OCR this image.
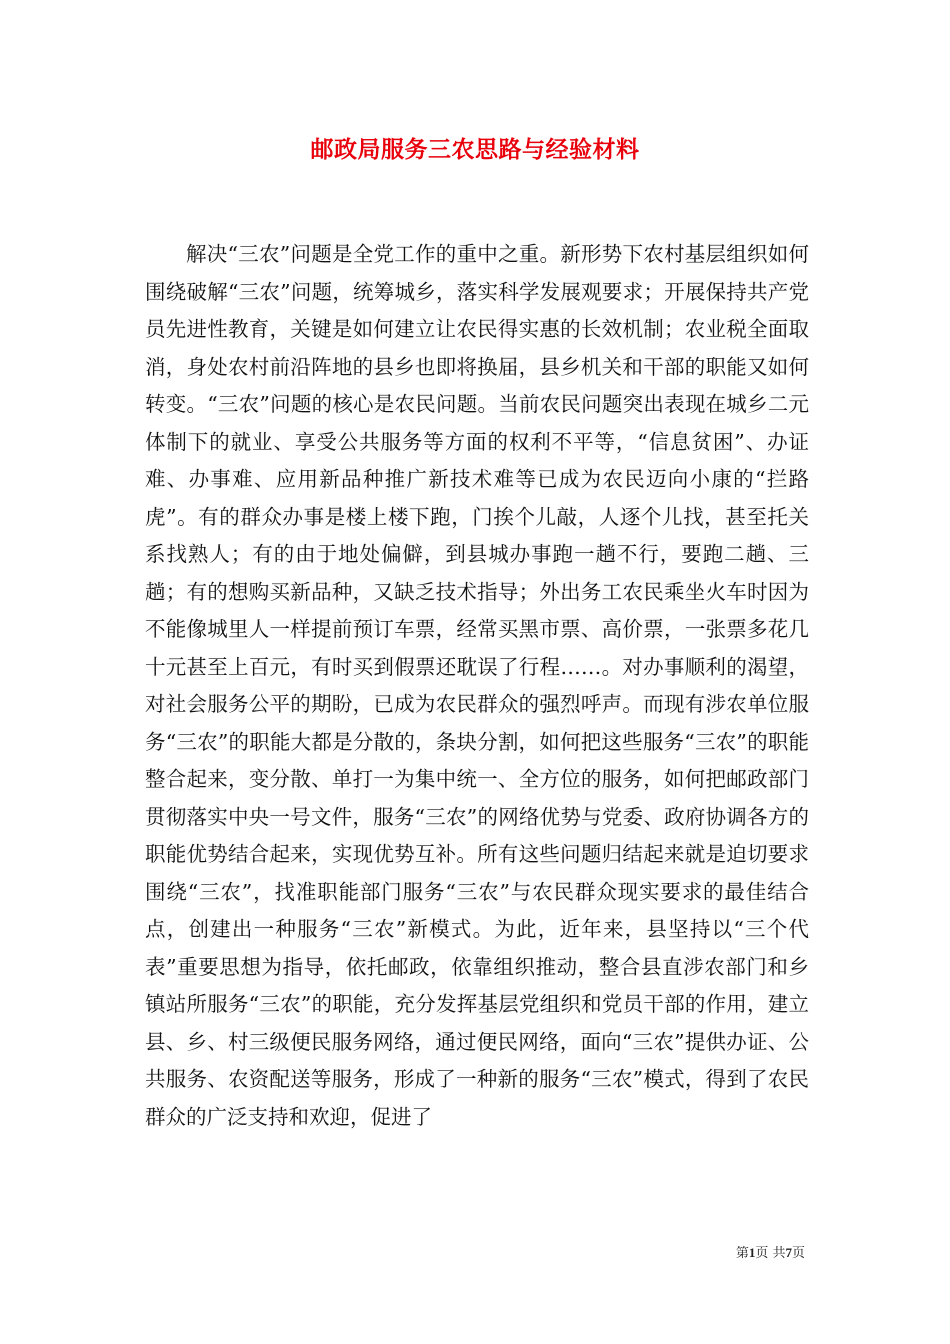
邮政局服务三农思路与经验材料

解决“三农”问题是全党工作的重中之重。新形势下农村基层组织如何围绕破解“三农”问题，统筹城乡，落实科学发展观要求；开展保持共产党员先进性教育，关键是如何建立让农民得实惠的长效机制；农业税全面取消，身处农村前沿阵地的县乡也即将换届，县乡机关和干部的职能又如何转变。“三农”问题的核心是农民问题。当前农民问题突出表现在城乡二元体制下的就业、享受公共服务等方面的权利不平等，“信息贫困”、办证难、办事难、应用新品种推广新技术难等已成为农民迈向小康的“拦路虎”。有的群众办事是楼上楼下跑，门挨个儿敲，人逐个儿找，甚至托关系找熟人；有的由于地处偏僻，到县城办事跑一趟不行，要跑二趟、三趟；有的想购买新品种，又缺乏技术指导；外出务工农民乘坐火车时因为不能像城里人一样提前预订车票，经常买黑市票、高价票，一张票多花几十元甚至上百元，有时买到假票还耽误了行程……。对办事顺利的渴望，对社会服务公平的期盼，已成为农民群众的强烈呼声。而现有涉农单位服务“三农”的职能大都是分散的，条块分割，如何把这些服务“三农”的职能整合起来，变分散、单打一为集中统一、全方位的服务，如何把邮政部门贯彻落实中央一号文件，服务“三农”的网络优势与党委、政府协调各方的职能优势结合起来，实现优势互补。所有这些问题归结起来就是迫切要求围绕“三农”，找准职能部门服务“三农”与农民群众现实要求的最佳结合点，创建出一种服务“三农”新模式。为此，近年来，县坚持以“三个代表”重要思想为指导，依托邮政，依靠组织推动，整合县直涉农部门和乡镇站所服务“三农”的职能，充分发挥基层党组织和党员干部的作用，建立县、乡、村三级便民服务网络，通过便民网络，面向“三农”提供办证、公共服务、农资配送等服务，形成了一种新的服务“三农”模式，得到了农民群众的广泛支持和欢迎，促进了

第1页 共7页
